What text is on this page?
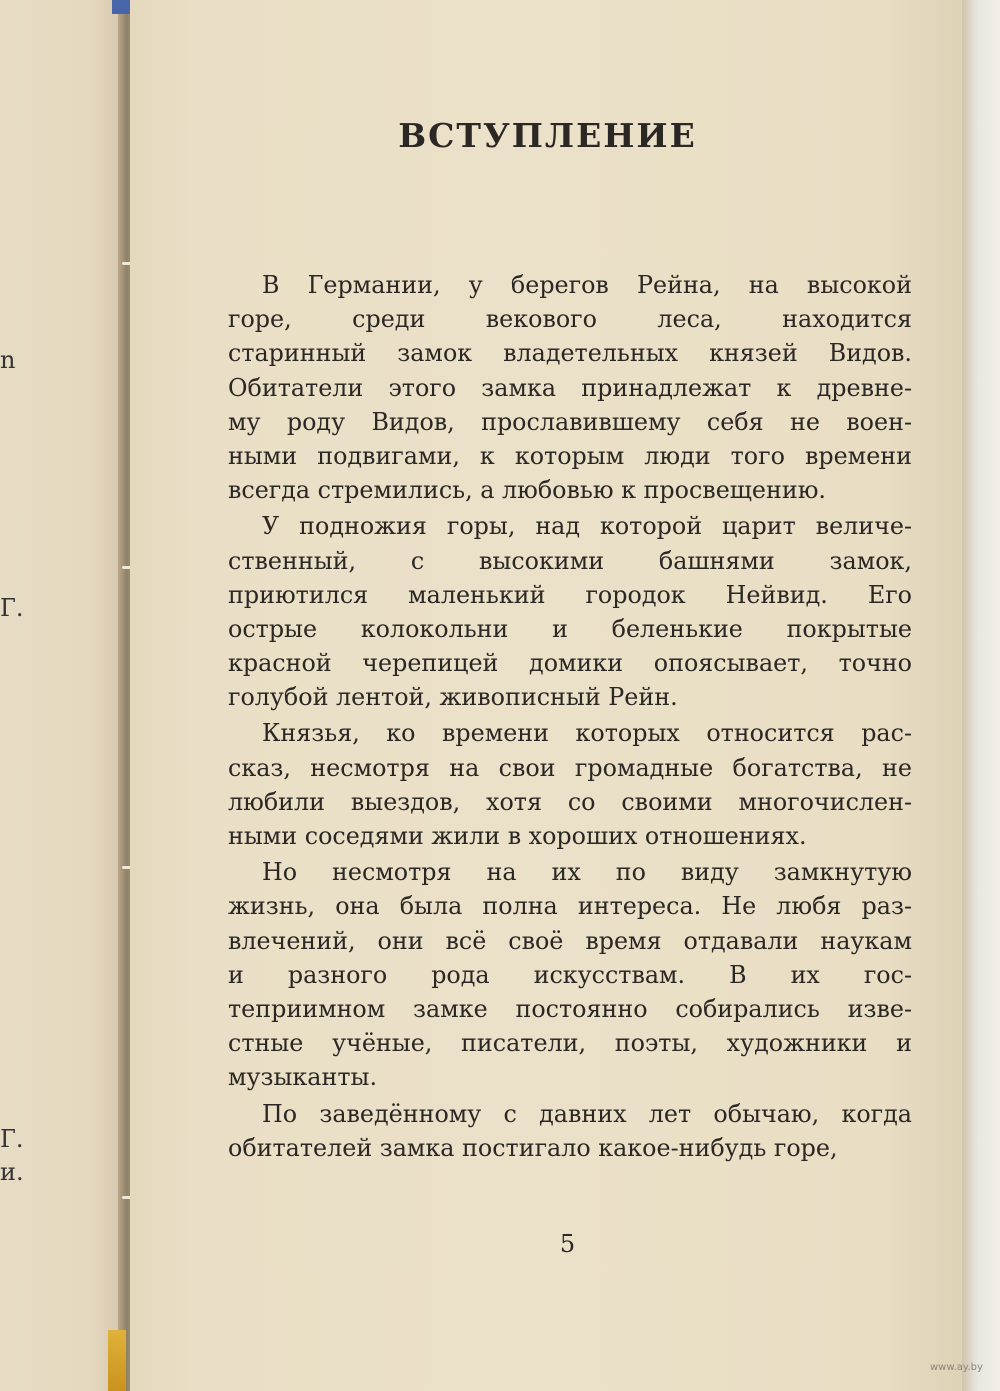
n
Г.
Г.
и.
ВСТУПЛЕНИЕ
В Германии, у берегов Рейна, на высокой
горе, среди векового леса, находится
старинный замок владетельных князей Видов.
Обитатели этого замка принадлежат к древне-
му роду Видов, прославившему себя не воен-
ными подвигами, к которым люди того времени
всегда стремились, а любовью к просвещению.
У подножия горы, над которой царит величе-
ственный, с высокими башнями замок,
приютился маленький городок Нейвид. Его
острые колокольни и беленькие покрытые
красной черепицей домики опоясывает, точно
голубой лентой, живописный Рейн.
Князья, ко времени которых относится рас-
сказ, несмотря на свои громадные богатства, не
любили выездов, хотя со своими многочислен-
ными соседями жили в хороших отношениях.
Но несмотря на их по виду замкнутую
жизнь, она была полна интереса. Не любя раз-
влечений, они всё своё время отдавали наукам
и разного рода искусствам. В их гос-
теприимном замке постоянно собирались изве-
стные учёные, писатели, поэты, художники и
музыканты.
По заведённому с давних лет обычаю, когда
обитателей замка постигало какое-нибудь горе,
5
www.ay.by
